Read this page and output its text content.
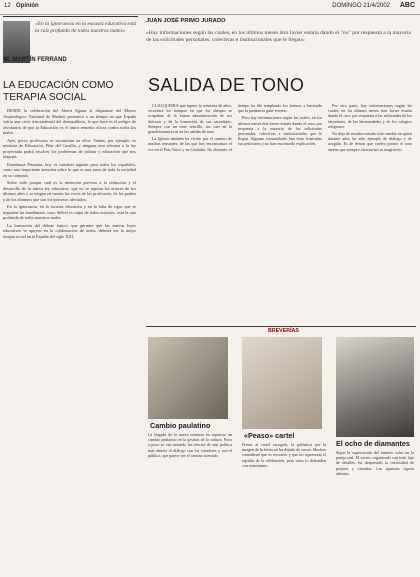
12 Opinión	DOMINGO 21/4/2002 ABC
«En la ignorancia en la escasez educativa está la raíz profunda de todos nuestros males»
M. MARTÍN FERRAND
LA EDUCACIÓN COMO TERAPIA SOCIAL

DESDE la celebración del Aberri Eguna al dispararse del Museo Arqueológico Nacional de Madrid, pertenece a un tiempo en que España sufría una crisis trascendental del desequilibrio, lo que hace es el peligro de olvidarnos de que la Educación es el único remedio eficaz contra todos los males.

Ayer, pocos profesores se reconocían en ellos. Ventas, por ejemplo, es ministra de Educación, Pilar del Castillo, y ninguna otra reforma o la ley proyectada podrá resolver los problemas de cultura y educación que nos importa.

Enseñanza Primaria, hoy es cuestión urgente para todos los españoles, como una importante atención sobre lo que es una tarea de toda la sociedad en su conjunto.

Sobre todo porque cuál es la intención prevista a la redacción y el desarrollo de la nueva ley educativa; que no se repitan los errores de los últimos años y se tengan en cuenta las voces de los profesores, de los padres y de los alumnos que son los primeros afectados.

En la ignorancia, en la escasez educativa y en la falta de rigor que se imparten las enseñanzas, cuyo déficit es culpa de todos nosotros, está la raíz profunda de todos nuestros males.

La formación del debate franco, que permite que las nuevas leyes educativas se apoyen en la colaboración de todos, debería ser la mejor terapia social en la España del siglo XXI.

JUAN JOSÉ PRIMO JURADO
«Hay informaciones según las cuales, en los últimos meses don Javier estaría dando el "no" por respuesta a la mayoría de las solicitudes personales, colectivas e institucionales que le llegan»
SALIDA DE TONO

CUALQUIERA que supere la treintena de años, recordará los tiempos en que los obispos se ocupaban de la buena administración de sus diócesis y de la formación de sus sacerdotes. Siempre con un tono sencillo, sin caer en la grandilocuencia ni en las salidas de tono.

La Iglesia también ha vivido por el camino de muchas tensiones, de las que hoy encontramos el eco en el País Vasco y en Cataluña. No obstante, el tiempo ha ido templando los ánimos y haciendo que la prudencia gane terreno.

Pero hay informaciones según las cuales, en los últimos meses don Javier estaría dando el «no» por respuesta a la mayoría de las solicitudes personales, colectivas e institucionales que le llegan. Algunas comunidades han visto frustradas sus peticiones y no han encontrado explicación.

Por otra parte, hay informaciones según las cuales, en los últimos meses don Javier estaría dando el «no» por respuesta a las solicitudes de los sacerdotes, de las hermandades y de los colegios religiosos.

No deja de resultar extraño este cambio en quien durante años ha sido ejemplo de diálogo y de acogida. Es de desear que vuelva pronto el tono sereno que siempre caracterizó su magisterio.

BREVERÍAS
Cambio paulatino
La llegada de la nueva ministra ha supuesto un cambio paulatino en la gestión de la cultura. Poco a poco se van notando los efectos de una política más abierta al diálogo con los creadores y con el público, que parece ser el camino acertado.
«Peaso» cartel
Frente al cartel escogido, la polémica por la imagen de la fiesta no ha dejado de crecer. Muchos consideran que es excesivo y que no representa el espíritu de la celebración, pero otros lo defienden con entusiasmo.
El ocho de diamantes
Sigue la superstición del número ocho en la pareja real. El sorteo, organizado con todo lujo de detalles, ha despertado la curiosidad de propios y extraños. Las apuestas siguen abiertas.
